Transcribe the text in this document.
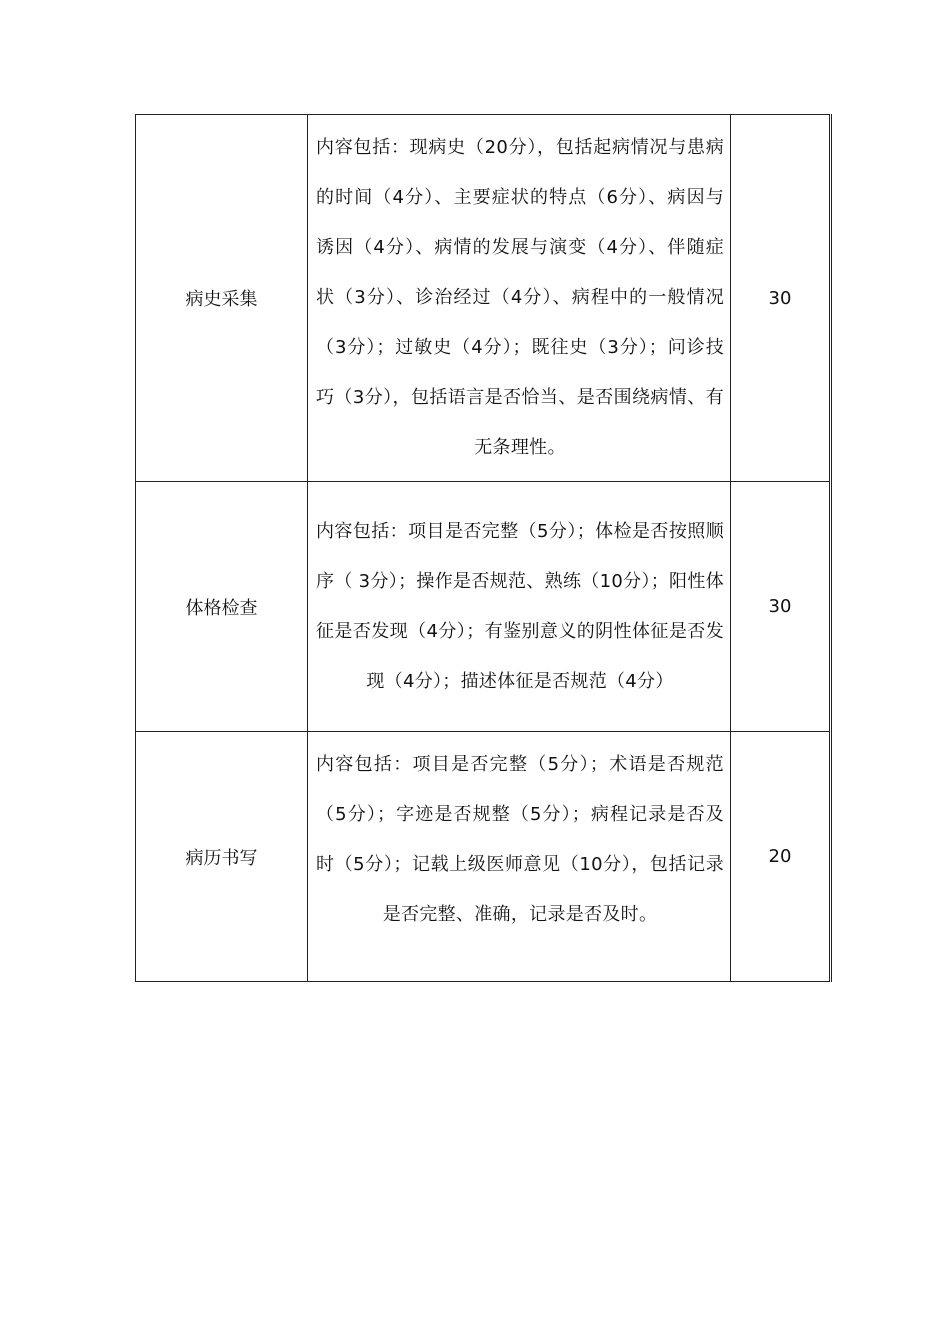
病史采集	内容包括：现病史（20分），包括起病情况与患病的时间（4分）、主要症状的特点（6分）、病因与诱因（4分）、病情的发展与演变（4分）、伴随症状（3分）、诊治经过（4分）、病程中的一般情况（3分）；过敏史（4分）；既往史（3分）；问诊技巧（3分），包括语言是否恰当、是否围绕病情、有无条理性。	30
体格检查	内容包括：项目是否完整（5分）；体检是否按照顺序（ 3分）；操作是否规范、熟练（10分）；阳性体征是否发现（4分）；有鉴别意义的阴性体征是否发现（4分）；描述体征是否规范（4分）	30
病历书写	内容包括：项目是否完整（5分）；术语是否规范（5分）；字迹是否规整（5分）；病程记录是否及时（5分）；记载上级医师意见（10分），包括记录是否完整、准确，记录是否及时。	20
